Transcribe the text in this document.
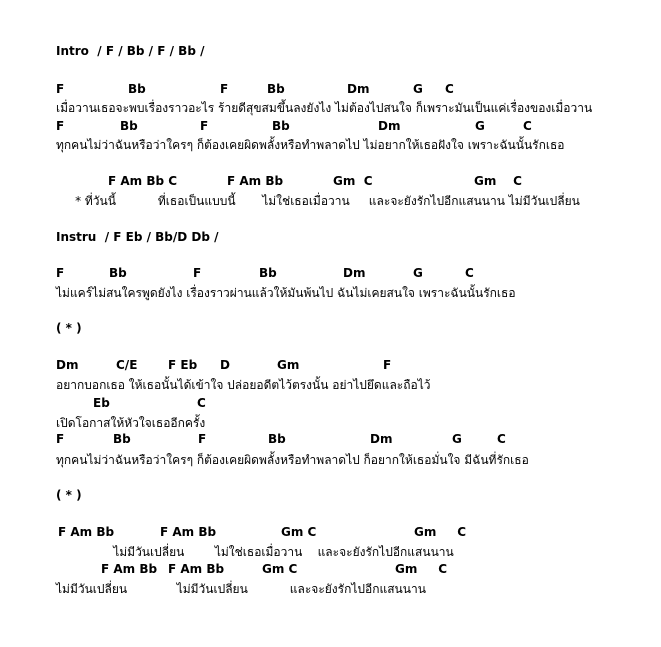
Intro  / F / Bb / F / Bb /
F	Bb	F	Bb	Dm	G C
เมื่อวานเธอจะพบเรื่องราวอะไร ร้ายดีสุขสมขึ้นลงยังไง ไม่ต้องไปสนใจ ก็เพราะมันเป็นแค่เรื่องของเมื่อวาน
F	Bb	F	Bb	Dm	G	C
ทุกคนไม่ว่าฉันหรือว่าใครๆ ก็ต้องเคยผิดพลั้งหรือทำพลาดไป ไม่อยากให้เธอฝังใจ เพราะฉันนั้นรักเธอ
F Am Bb C	F Am Bb	Gm  C	Gm    C
* ที่วันนี้           ที่เธอเป็นแบบนี้       ไม่ใช่เธอเมื่อวาน     และจะยังรักไปอีกแสนนาน ไม่มีวันเปลี่ยน
Instru  / F Eb / Bb/D Db /
F	Bb	F	Bb	Dm	G	C
ไม่แคร์ไม่สนใครพูดยังไง เรื่องราวผ่านแล้วให้มันพ้นไป ฉันไม่เคยสนใจ เพราะฉันนั้นรักเธอ
( * )
Dm	C/E	F Eb D	Gm	F
อยากบอกเธอ ให้เธอนั้นได้เข้าใจ ปล่อยอดีตไว้ตรงนั้น อย่าไปยึดและถือไว้
Eb	C
เปิดโอกาสให้หัวใจเธออีกครั้ง
F	Bb	F	Bb	Dm	G	C
ทุกคนไม่ว่าฉันหรือว่าใครๆ ก็ต้องเคยผิดพลั้งหรือทำพลาดไป ก็อยากให้เธอมั่นใจ มีฉันที่รักเธอ
( * )
F Am Bb	F Am Bb	Gm C	Gm     C
ไม่มีวันเปลี่ยน        ไม่ใช่เธอเมื่อวาน    และจะยังรักไปอีกแสนนาน
F Am Bb F Am Bb	Gm C	Gm     C
ไม่มีวันเปลี่ยน             ไม่มีวันเปลี่ยน           และจะยังรักไปอีกแสนนาน
